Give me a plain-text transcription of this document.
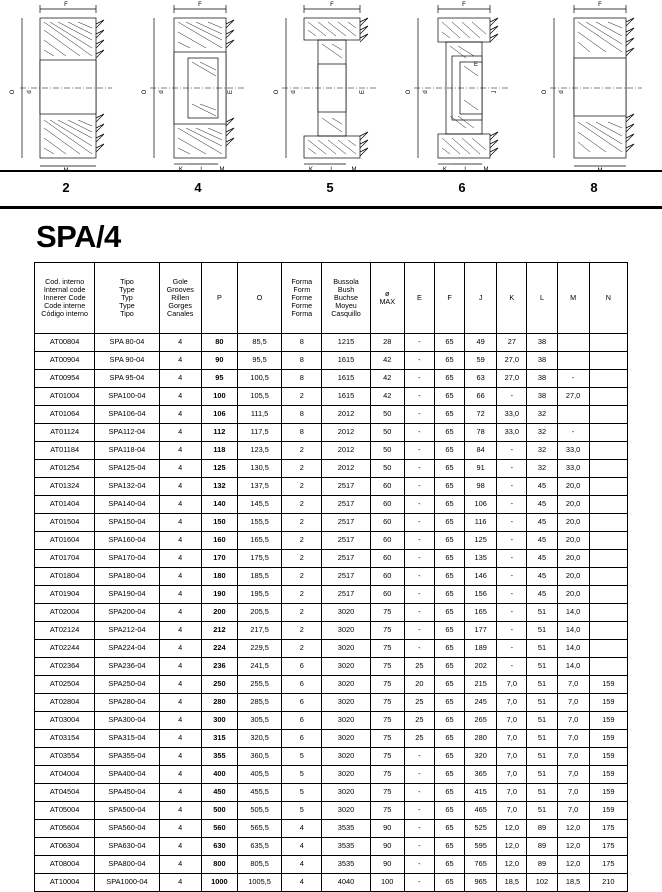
F
O d
M
F
O d	E
K	L	M
F
O d	E
K	L	M
F
O d
E
J
K	L	M
F
O d
M
2	4	5	6	8
SPA/4
Cod. interno
Internal code
Innerer Code
Code interne
Código interno	Tipo
Type
Typ
Type
Tipo	Gole
Grooves
Rillen
Gorges
Canales	P	O	Forma
Form
Forme
Forme
Forma	Bussola
Bush
Buchse
Moyeu
Casquillo	ø
MAX	E	F	J	K	L	M	N

AT00804	SPA 80-04	4	80	85,5	8	1215	28	-	65	49	27	38		
AT00904	SPA 90-04	4	90	95,5	8	1615	42	-	65	59	27,0	38		
AT00954	SPA 95-04	4	95	100,5	8	1615	42	-	65	63	27,0	38	-	
AT01004	SPA100-04	4	100	105,5	2	1615	42	-	65	66	-	38	27,0	
AT01064	SPA106-04	4	106	111,5	8	2012	50	-	65	72	33,0	32		
AT01124	SPA112-04	4	112	117,5	8	2012	50	-	65	78	33,0	32	-	
AT01184	SPA118-04	4	118	123,5	2	2012	50	-	65	84	-	32	33,0	
AT01254	SPA125-04	4	125	130,5	2	2012	50	-	65	91	-	32	33,0	
AT01324	SPA132-04	4	132	137,5	2	2517	60	-	65	98	-	45	20,0	
AT01404	SPA140-04	4	140	145,5	2	2517	60	-	65	106	-	45	20,0	
AT01504	SPA150-04	4	150	155,5	2	2517	60	-	65	116	-	45	20,0	
AT01604	SPA160-04	4	160	165,5	2	2517	60	-	65	125	-	45	20,0	
AT01704	SPA170-04	4	170	175,5	2	2517	60	-	65	135	-	45	20,0	
AT01804	SPA180-04	4	180	185,5	2	2517	60	-	65	146	-	45	20,0	
AT01904	SPA190-04	4	190	195,5	2	2517	60	-	65	156	-	45	20,0	
AT02004	SPA200-04	4	200	205,5	2	3020	75	-	65	165	-	51	14,0	
AT02124	SPA212-04	4	212	217,5	2	3020	75	-	65	177	-	51	14,0	
AT02244	SPA224-04	4	224	229,5	2	3020	75	-	65	189	-	51	14,0	
AT02364	SPA236-04	4	236	241,5	6	3020	75	25	65	202	-	51	14,0	
AT02504	SPA250-04	4	250	255,5	6	3020	75	20	65	215	7,0	51	7,0	159
AT02804	SPA280-04	4	280	285,5	6	3020	75	25	65	245	7,0	51	7,0	159
AT03004	SPA300-04	4	300	305,5	6	3020	75	25	65	265	7,0	51	7,0	159
AT03154	SPA315-04	4	315	320,5	6	3020	75	25	65	280	7,0	51	7,0	159
AT03554	SPA355-04	4	355	360,5	5	3020	75	-	65	320	7,0	51	7,0	159
AT04004	SPA400-04	4	400	405,5	5	3020	75	-	65	365	7,0	51	7,0	159
AT04504	SPA450-04	4	450	455,5	5	3020	75	-	65	415	7,0	51	7,0	159
AT05004	SPA500-04	4	500	505,5	5	3020	75	-	65	465	7,0	51	7,0	159
AT05604	SPA560-04	4	560	565,5	4	3535	90	-	65	525	12,0	89	12,0	175
AT06304	SPA630-04	4	630	635,5	4	3535	90	-	65	595	12,0	89	12,0	175
AT08004	SPA800-04	4	800	805,5	4	3535	90	-	65	765	12,0	89	12,0	175
AT10004	SPA1000-04	4	1000	1005,5	4	4040	100	-	65	965	18,5	102	18,5	210
